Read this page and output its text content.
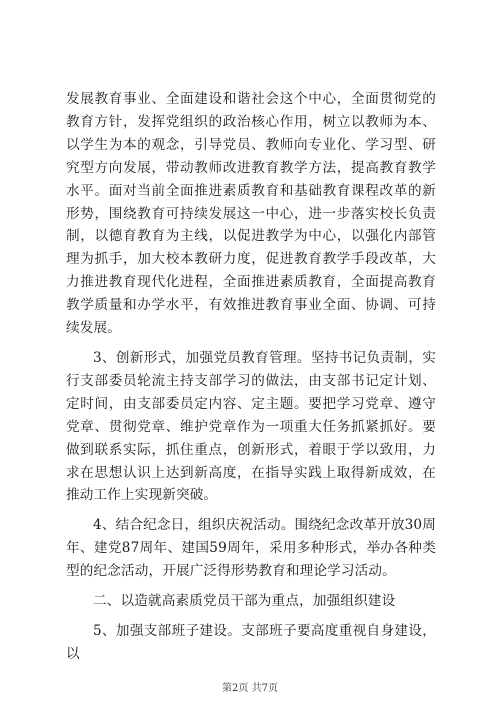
发展教育事业、全面建设和谐社会这个中心，全面贯彻党的教育方针，发挥党组织的政治核心作用，树立以教师为本、以学生为本的观念，引导党员、教师向专业化、学习型、研究型方向发展，带动教师改进教育教学方法，提高教育教学水平。面对当前全面推进素质教育和基础教育课程改革的新形势，围绕教育可持续发展这一中心，进一步落实校长负责制，以德育教育为主线，以促进教学为中心，以强化内部管理为抓手，加大校本教研力度，促进教育教学手段改革，大力推进教育现代化进程，全面推进素质教育，全面提高教育教学质量和办学水平，有效推进教育事业全面、协调、可持续发展。

3、创新形式，加强党员教育管理。坚持书记负责制，实行支部委员轮流主持支部学习的做法，由支部书记定计划、定时间，由支部委员定内容、定主题。要把学习党章、遵守党章、贯彻党章、维护党章作为一项重大任务抓紧抓好。要做到联系实际，抓住重点，创新形式，着眼于学以致用，力求在思想认识上达到新高度，在指导实践上取得新成效，在推动工作上实现新突破。

4、结合纪念日，组织庆祝活动。围绕纪念改革开放30周年、建党87周年、建国59周年，采用多种形式，举办各种类型的纪念活动，开展广泛得形势教育和理论学习活动。

二、以造就高素质党员干部为重点，加强组织建设

5、加强支部班子建设。支部班子要高度重视自身建设，以

第2页 共7页
